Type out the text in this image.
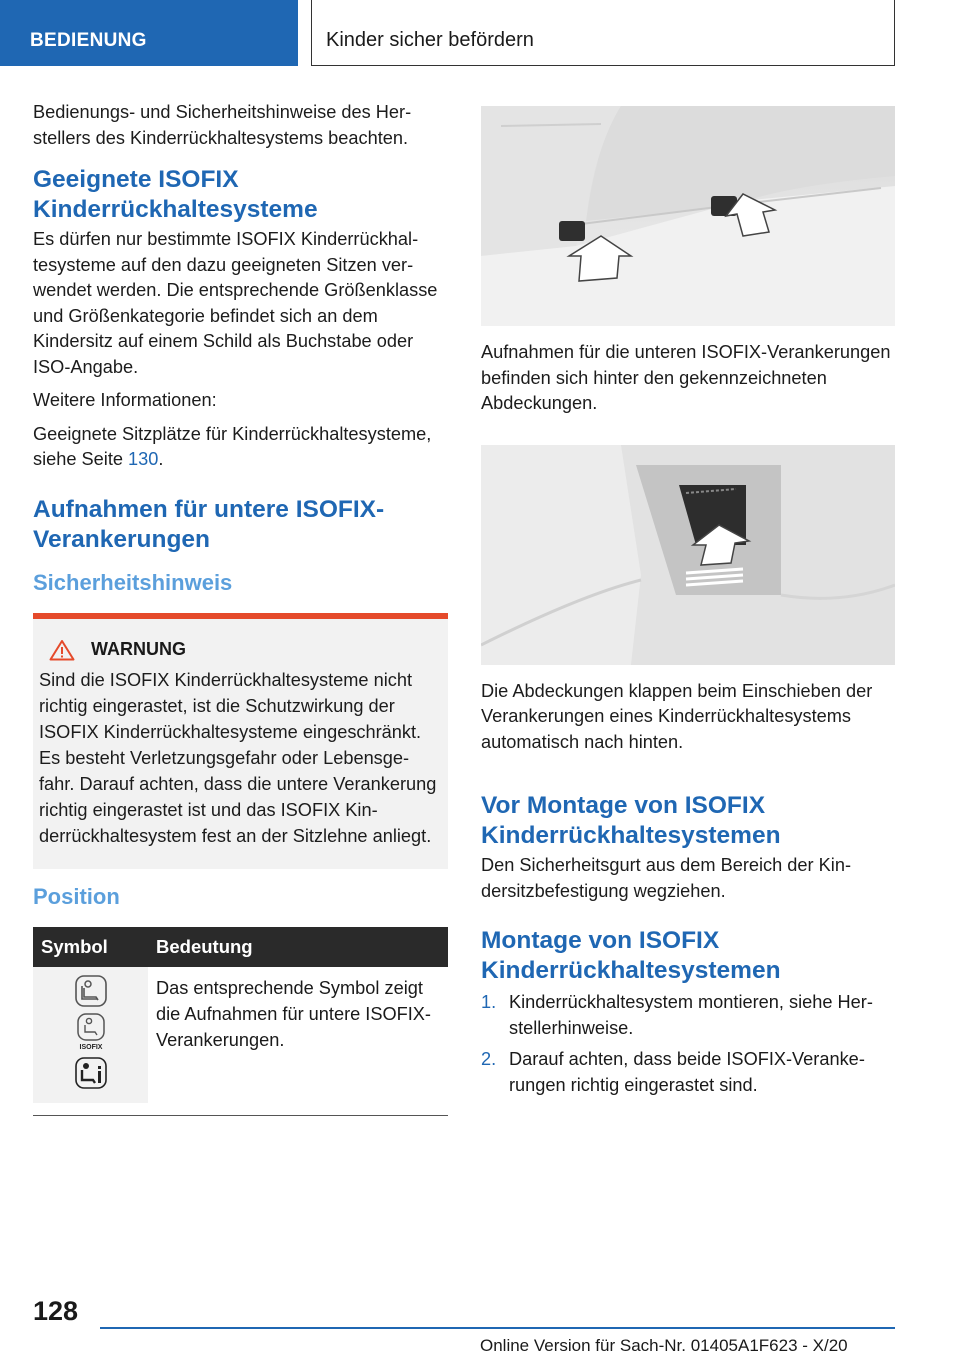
BEDIENUNG	Kinder sicher befördern

Bedienungs- und Sicherheitshinweise des Herstellers des Kinderrückhaltesystems beachten.

Geeignete ISOFIX Kinderrückhaltesysteme

Es dürfen nur bestimmte ISOFIX Kinderrückhaltesysteme auf den dazu geeigneten Sitzen verwendet werden. Die entsprechende Größenklasse und Größenkategorie befindet sich an dem Kindersitz auf einem Schild als Buchstabe oder ISO-Angabe.

Weitere Informationen:

Geeignete Sitzplätze für Kinderrückhaltesysteme, siehe Seite 130.

Aufnahmen für untere ISOFIX-Verankerungen
Sicherheitshinweis
WARNUNG

Sind die ISOFIX Kinderrückhaltesysteme nicht richtig eingerastet, ist die Schutzwirkung der ISOFIX Kinderrückhaltesysteme eingeschränkt. Es besteht Verletzungsgefahr oder Lebensgefahr. Darauf achten, dass die untere Verankerung richtig eingerastet ist und das ISOFIX Kinderrückhaltesystem fest an der Sitzlehne anliegt.

Position
Symbol	Bedeutung

ISOFIX	Das entsprechende Symbol zeigt die Aufnahmen für untere ISOFIX-Verankerungen.

Aufnahmen für die unteren ISOFIX-Verankerungen befinden sich hinter den gekennzeichneten Abdeckungen.

Die Abdeckungen klappen beim Einschieben der Verankerungen eines Kinderrückhaltesystems automatisch nach hinten.

Vor Montage von ISOFIX Kinderrückhaltesystemen

Den Sicherheitsgurt aus dem Bereich der Kindersitzbefestigung wegziehen.

Montage von ISOFIX Kinderrückhaltesystemen
1. Kinderrückhaltesystem montieren, siehe Herstellerhinweise.
2. Darauf achten, dass beide ISOFIX-Verankerungen richtig eingerastet sind.
128
Online Version für Sach-Nr. 01405A1F623 - X/20
